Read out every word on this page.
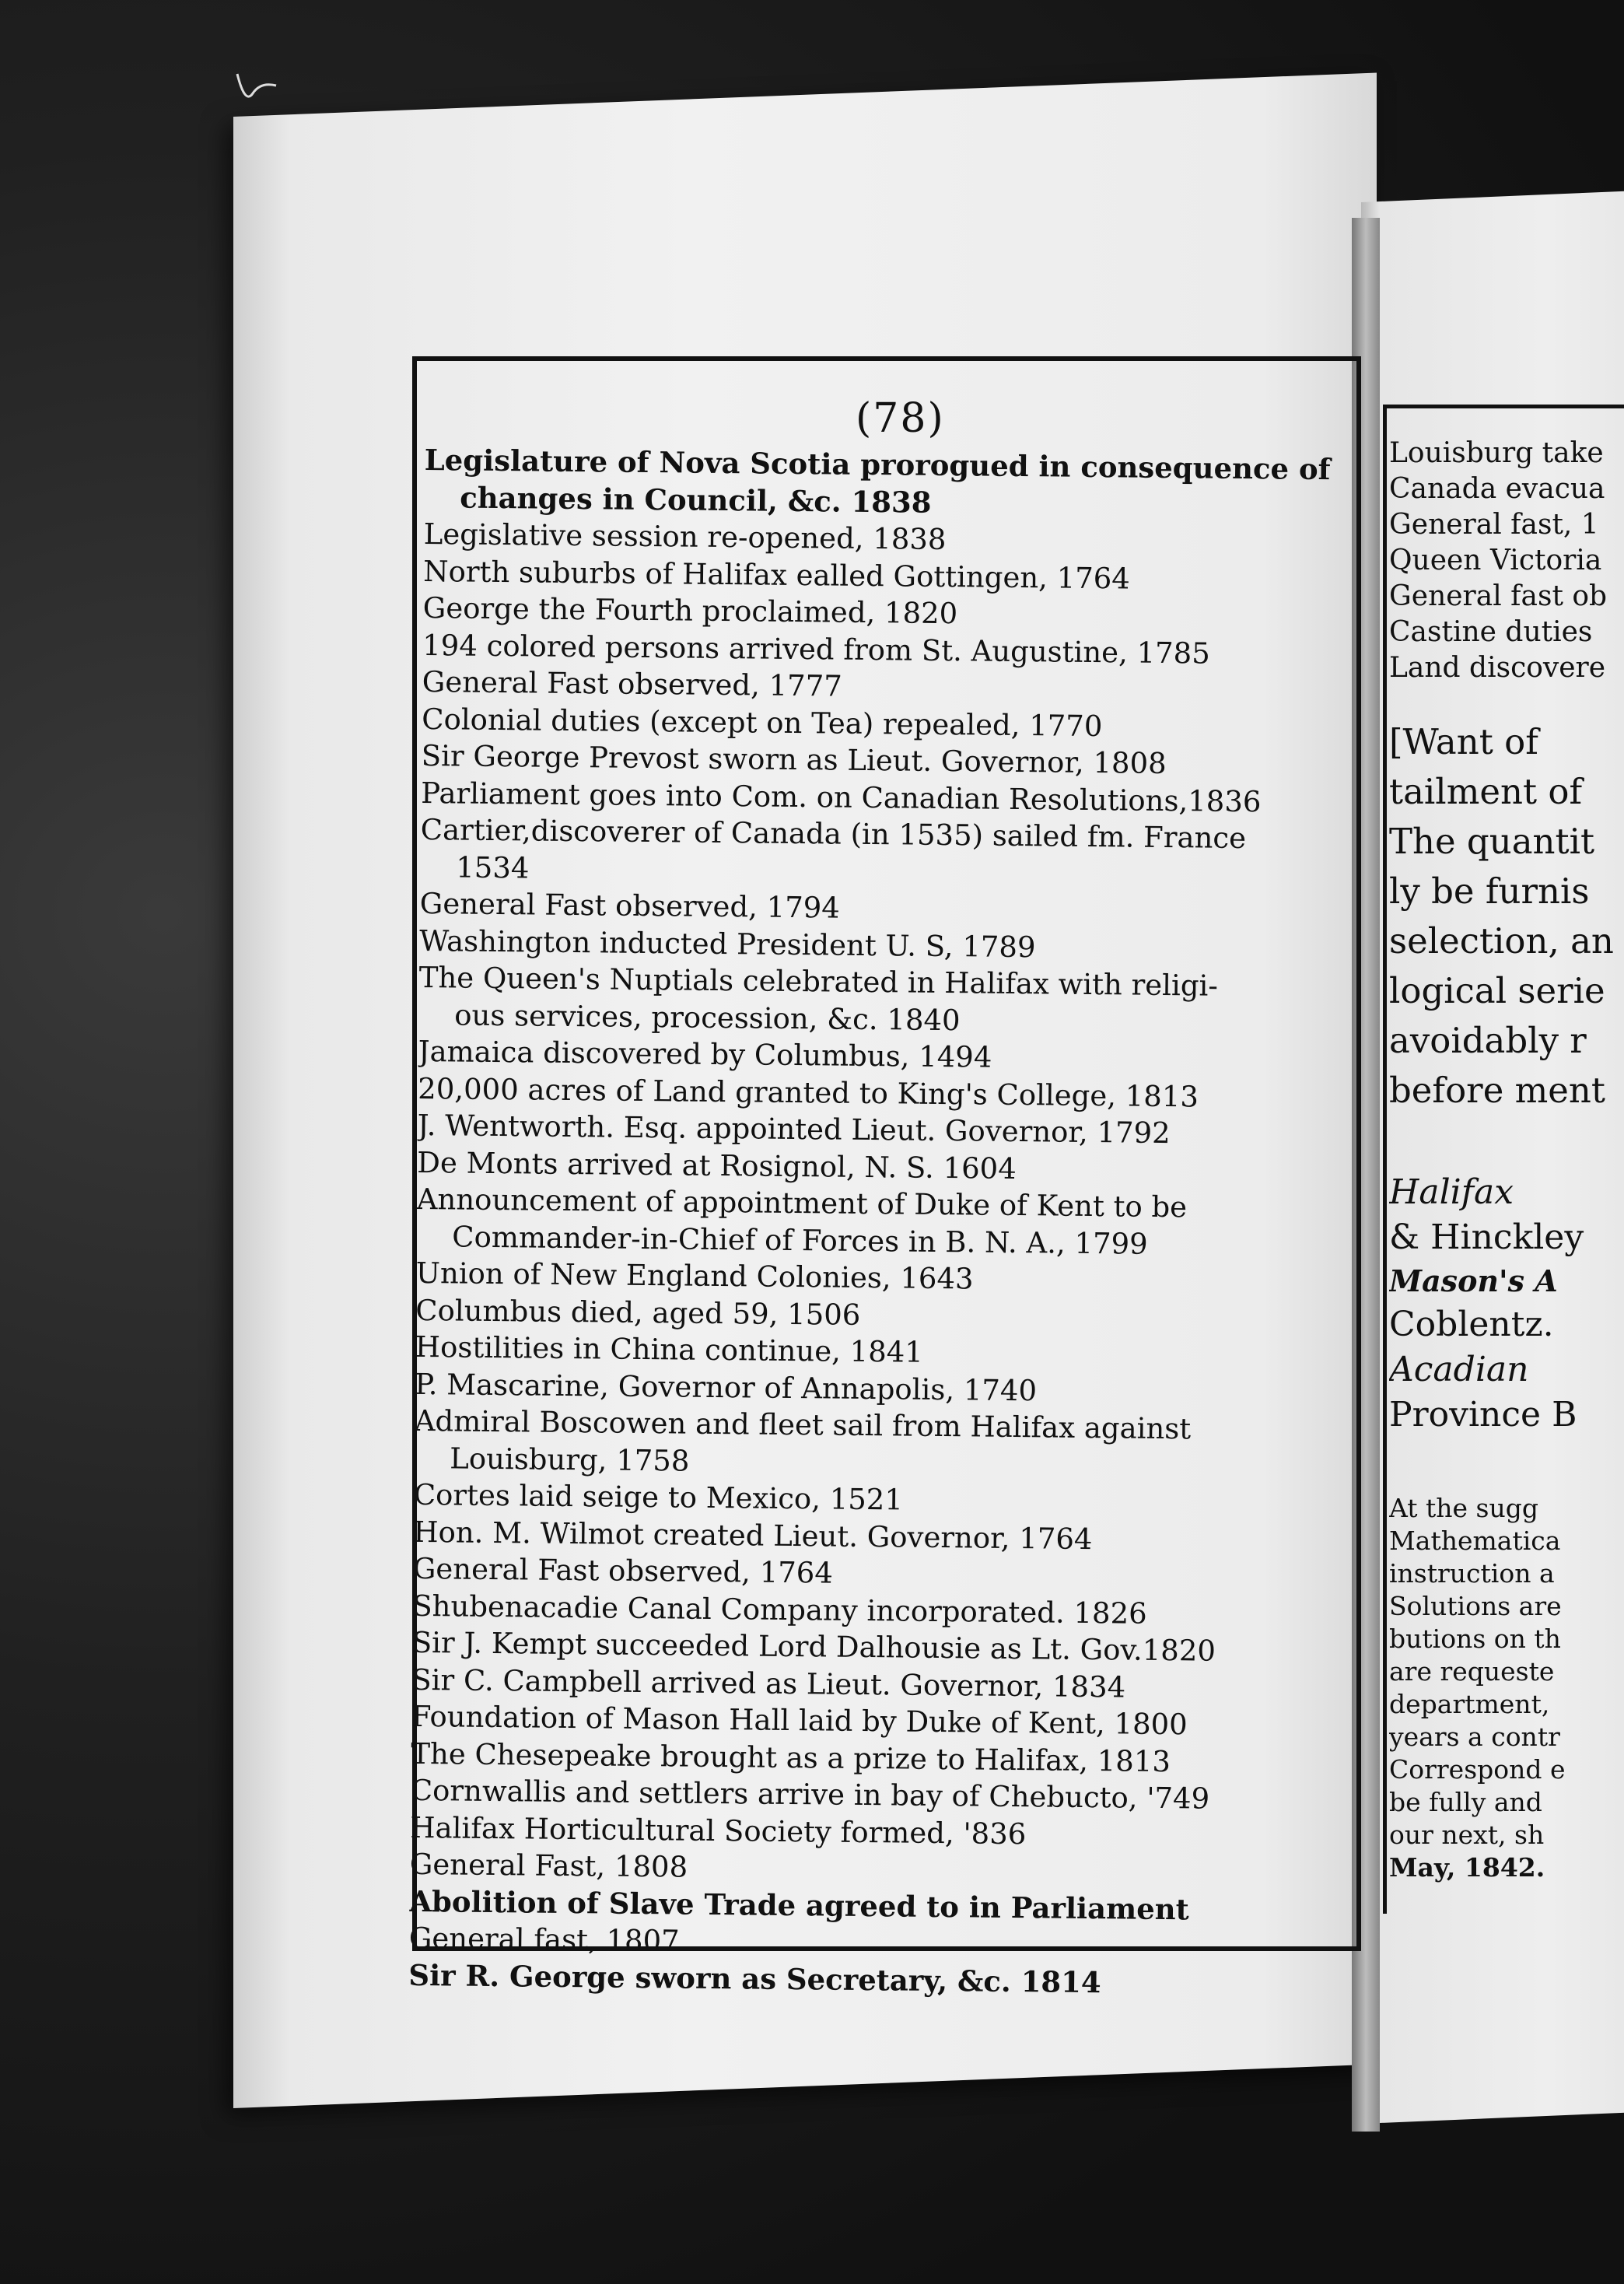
(78)
Legislature of Nova Scotia prorogued in consequence of
changes in Council, &c. 1838
Legislative session re-opened, 1838
North suburbs of Halifax ealled Gottingen, 1764
George the Fourth proclaimed, 1820
194 colored persons arrived from St. Augustine, 1785
General Fast observed, 1777
Colonial duties (except on Tea) repealed, 1770
Sir George Prevost sworn as Lieut. Governor, 1808
Parliament goes into Com. on Canadian Resolutions,1836
Cartier,discoverer of Canada (in 1535) sailed fm. France
1534
General Fast observed, 1794
Washington inducted President U. S, 1789
The Queen's Nuptials celebrated in Halifax with religi-
ous services, procession, &c. 1840
Jamaica discovered by Columbus, 1494
20,000 acres of Land granted to King's College, 1813
J. Wentworth. Esq. appointed Lieut. Governor, 1792
De Monts arrived at Rosignol, N. S. 1604
Announcement of appointment of Duke of Kent to be
Commander-in-Chief of Forces in B. N. A., 1799
Union of New England Colonies, 1643
Columbus died, aged 59, 1506
Hostilities in China continue, 1841
P. Mascarine, Governor of Annapolis, 1740
Admiral Boscowen and fleet sail from Halifax against
Louisburg, 1758
Cortes laid seige to Mexico, 1521
Hon. M. Wilmot created Lieut. Governor, 1764
General Fast observed, 1764
Shubenacadie Canal Company incorporated. 1826
Sir J. Kempt succeeded Lord Dalhousie as Lt. Gov.1820
Sir C. Campbell arrived as Lieut. Governor, 1834
Foundation of Mason Hall laid by Duke of Kent, 1800
The Chesepeake brought as a prize to Halifax, 1813
Cornwallis and settlers arrive in bay of Chebucto, '749
Halifax Horticultural Society formed, '836
General Fast, 1808
Abolition of Slave Trade agreed to in Parliament
General fast, 1807
Sir R. George sworn as Secretary, &c. 1814
Louisburg take
Canada evacua
General fast, 1
Queen Victoria
General fast ob
Castine duties
Land discovere
[Want of
tailment of
The quantit
ly be furnis
selection, an
logical serie
avoidably r
before ment
Halifax
& Hinckley
Mason's A
Coblentz.
Acadian
Province B
At the sugg
Mathematica
instruction a
Solutions are
butions on th
are requeste
department,
years a contr
Correspond e
be fully and
our next, sh
May, 1842.
